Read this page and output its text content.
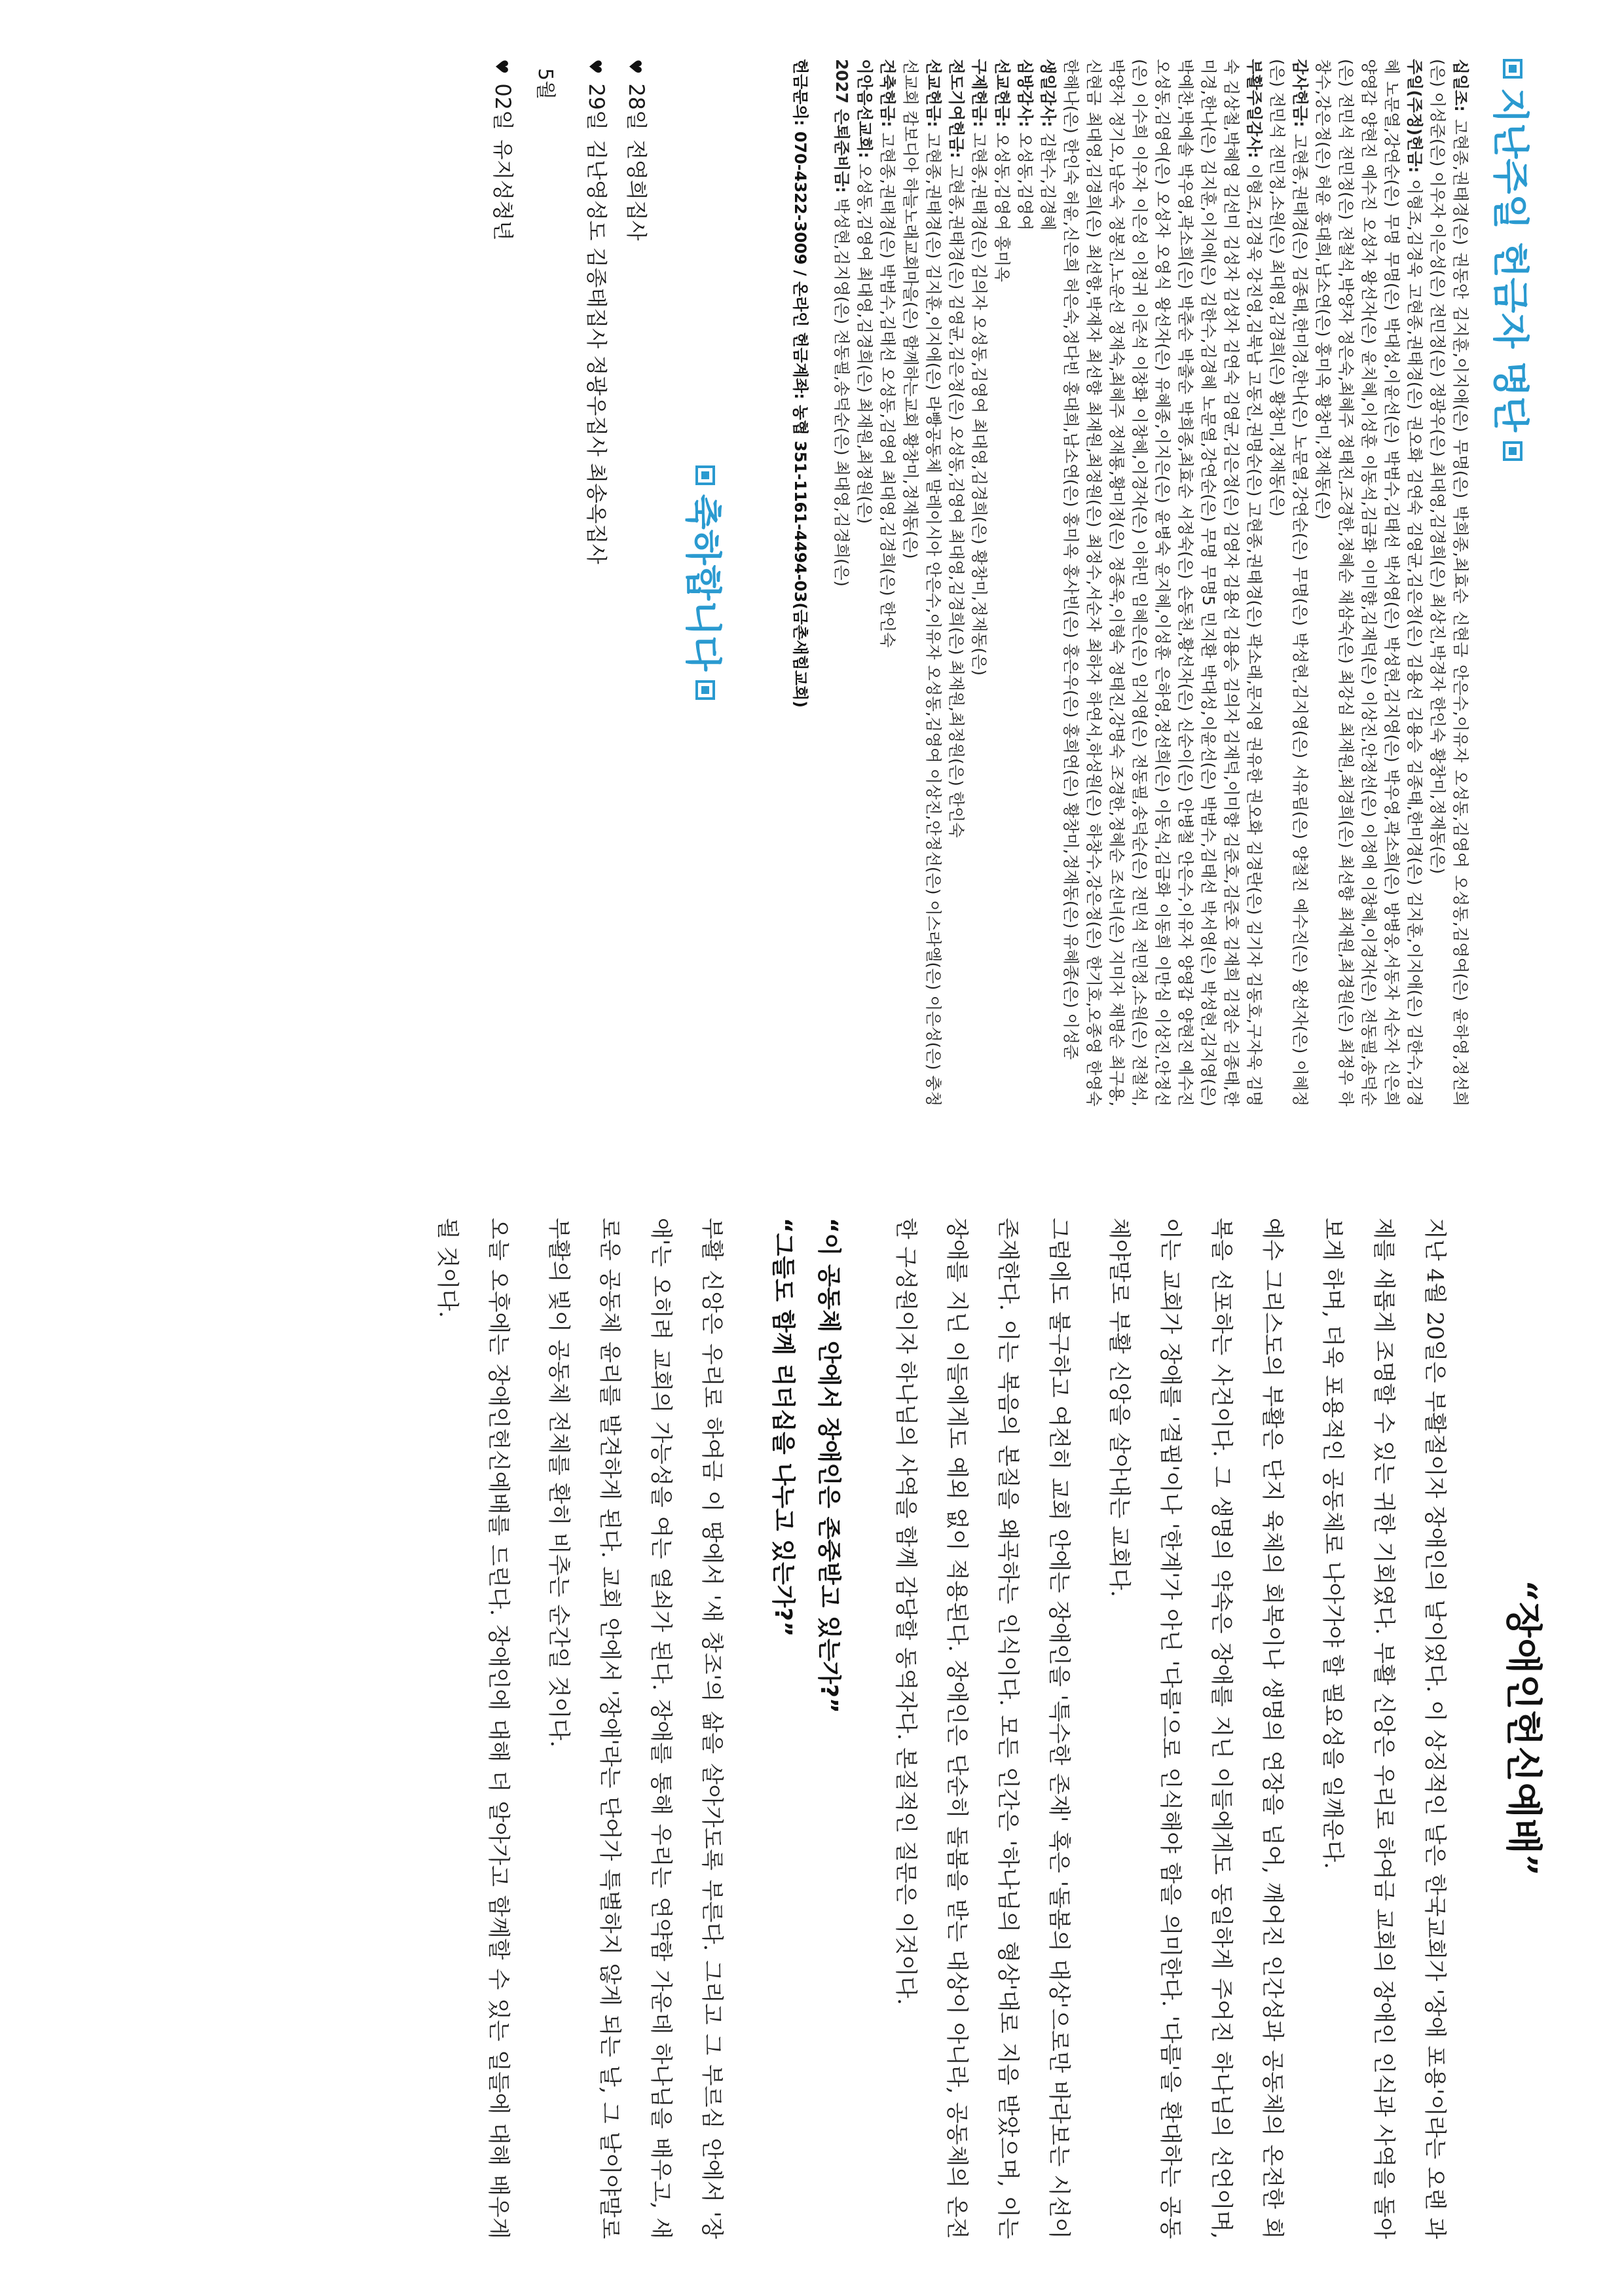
지난주일 헌금자 명단

십일조: 고현종,권태경(은) 권동안 김지훈,이지애(은) 무명(은) 박희종,최효순 신현금 안은수,이유자 오성동,김영여 오성동,김영여(은) 윤하영,정선희(은) 이성준(은) 이우자 이은성(은) 전민정(은) 정광우(은) 최대영,김경희(은) 최상진,박경자 한인숙 황창미,정재동(은)

주일(주정)헌금: 이형조,김경욱 고현종,권태경(은) 권오화 김연숙 김영균,김은정(은) 김용선 김용승 김종태,한미경(은) 김지훈,이지애(은) 김한수,김경혜 노문열,강연순(은) 무명 무명(은) 박대성,이윤선(은) 박범수,김태선 박서영(은) 박성현,김지영(은) 박우영,곽소희(은) 방병웅,서동자 서순자 신은희 양영갑 양현진 예수진 오성자 왕선자(은) 윤치혜,이성훈 이동석,김금화 이미향,김재덕(은) 이상진,안정선(은) 이정애 이창혜,이경자(은) 전동필,송덕순(은) 전민석 전민정(은) 전철석,박양자 정은숙,최혜주 정태진,조경한,정혜순 채삼숙(은) 최강심 최재원,최경희(은) 최선향 최재원,최경원(은) 최정우 하창수,강은정(은) 허윤 홍대희,남소연(은) 홍미옥 황창미,정재동(은)

감사헌금: 고현종,권태경(은) 김종태,한미경,한나(은) 노문열,강연순(은) 무명(은) 박성현,김지영(은) 서유림(은) 양철진 예수진(은) 왕선자(은) 이혜정(은) 전민석 전민정,소원(은) 최대영,김경희(은) 황창미,정재동(은)

부활주일감사: 이형조,김경욱 강진영,김북남 고동진,권명순(은) 고현종,권태경(은) 곽소래,문지영 권유한 권오화 김경란(은) 김기자 김동호,구자욱 김명숙 김상철,박혜영 김선미 김성자 김성자 김연숙 김영균,김은정(은) 김영자 김용선 김용승 김의자 김재덕,이미향 김준호,김준호 김재희 김정순 김종태,한미경,한나(은) 김지훈,이지애(은) 김한수,김경혜 노문열,강연순(은) 무명 무명5 민지환 박대성,이윤선(은) 박범수,김태선 박서영(은) 박성현,김지영(은) 박예찬,박예솔 박우영,곽소희(은) 박춘순 박출순 박희종,최효순 서정숙(은) 손동천,황선자(은) 신순이(은) 안병철 안은수,이유자 양영갑 양현진 예수진 오성동,김영여(은) 오성자 오영식 왕선자(은) 유혜종,이지은(은) 윤병숙 윤지혜,이성훈 은하영,정선희(은) 이동석,김금화 이동희 이만심 이상진,안정선(은) 이수희 이우자 이은성 이정귀 이준석 이창화 이창혜,이경자(은) 이하민 임혜은(은) 임지영(은) 전동필,송덕순(은) 전민석 전민정,소원(은) 전철석,박양자 정기오,남운숙 정봉진,노운선 정재숙,최혜주 정재룡,황미정(은) 정종욱,이형숙 정태진,강명숙 조경한,정혜순 조선녀(은) 지미자 채명순 최구용,신현금 최대영,김경희(은) 최선향,박재자 최선향 최재원,최정원(은) 최정수,서순자 최하자 하연서,하성원(은) 하창수,강은정(은) 한기호,오종영 한영숙 한해나(은) 한인숙 허윤,신은희 허은숙,정다빈 홍대희,남소연(은) 홍미옥 홍사빈(은) 홍은우(은) 홍희연(은) 황창미,정재동(은) 유혜종(은) 이성준

생일감사: 김한수,김경혜

심방감사: 오성동,김영여

선교헌금: 오성동,김영여 홍미옥

구제헌금: 고현종,권태경(은) 김의자 오성동,김영여 최대영,김경희(은) 황창미,정재동(은)

전도기여헌금: 고현종,권태경(은) 김영균,김은정(은) 오성동,김영여 최대영,김경희(은) 최재원,최정원(은) 한인숙

선교헌금: 고현종,권태경(은) 김지훈,이지애(은) 라빵공동체 말레이시아 안은수,이유자 오성동,김영여 이상진,안정선(은) 이스라엘(은) 이은성(은) 충청선교회 캄보디아 하늘노래교회마을(은) 함께하는교회 황창미,정재동(은)

건축헌금: 고현종,권태경(은) 박범수,김태선 오성동,김영여 최대영,김경희(은) 한인숙

이안음선교회: 오성동,김영여 최대영,김경희(은) 최재원,최정원(은)

2027 은퇴준비금: 박성현,김지영(은) 전동필,송덕순(은) 최대영,김경희(은)

헌금문의: 070-4322-3009 / 온라인 헌금계좌: 농협 351-1161-4494-03(금촌새힘교회)
축하합니다
♥
28일
전영희집사
♥
29일
김난영성도 김종태집사 정광우집사 최송옥집사
5월
♥
02일
유지성청년
“장애인헌신예배”

지난 4월 20일은 부활절이자 장애인의 날이었다. 이 상징적인 날은 한국교회가 '장애 포용'이라는 오랜 과제를 새롭게 조명할 수 있는 귀한 기회였다. 부활 신앙은 우리로 하여금 교회의 장애인 인식과 사역을 돌아보게 하며, 더욱 포용적인 공동체로 나아가야 할 필요성을 일깨운다.

예수 그리스도의 부활은 단지 육체의 회복이나 생명의 연장을 넘어, 깨어진 인간성과 공동체의 온전한 회복을 선포하는 사건이다. 그 생명의 약속은 장애를 지닌 이들에게도 동일하게 주어진 하나님의 선언이며, 이는 교회가 장애를 '결핍'이나 '한계'가 아닌 '다름'으로 인식해야 함을 의미한다. '다름'을 환대하는 공동체야말로 부활 신앙을 살아내는 교회다.

그럼에도 불구하고 여전히 교회 안에는 장애인을 '특수한 존재' 혹은 '돌봄의 대상'으로만 바라보는 시선이 존재한다. 이는 복음의 본질을 왜곡하는 인식이다. 모든 인간은 '하나님의 형상'대로 지음 받았으며, 이는 장애를 지닌 이들에게도 예외 없이 적용된다. 장애인은 단순히 돌봄을 받는 대상이 아니라, 공동체의 온전한 구성원이자 하나님의 사역을 함께 감당할 동역자다. 본질적인 질문은 이것이다.

“이 공동체 안에서 장애인은 존중받고 있는가?”

“그들도 함께 리더십을 나누고 있는가?”

부활 신앙은 우리로 하여금 이 땅에서 '새 창조'의 삶을 살아가도록 부른다. 그리고 그 부르심 안에서 '장애'는 오히려 교회의 가능성을 여는 열쇠가 된다. 장애를 통해 우리는 연약함 가운데 하나님을 배우고, 새로운 공동체 윤리를 발견하게 된다. 교회 안에서 '장애'라는 단어가 특별하지 않게 되는 날, 그 날이야말로 부활의 빛이 공동체 전체를 환히 비추는 순간일 것이다.

오늘 오후에는 장애인헌신예배를 드린다. 장애인에 대해 더 알아가고 함께할 수 있는 일들에 대해 배우게 될 것이다.
